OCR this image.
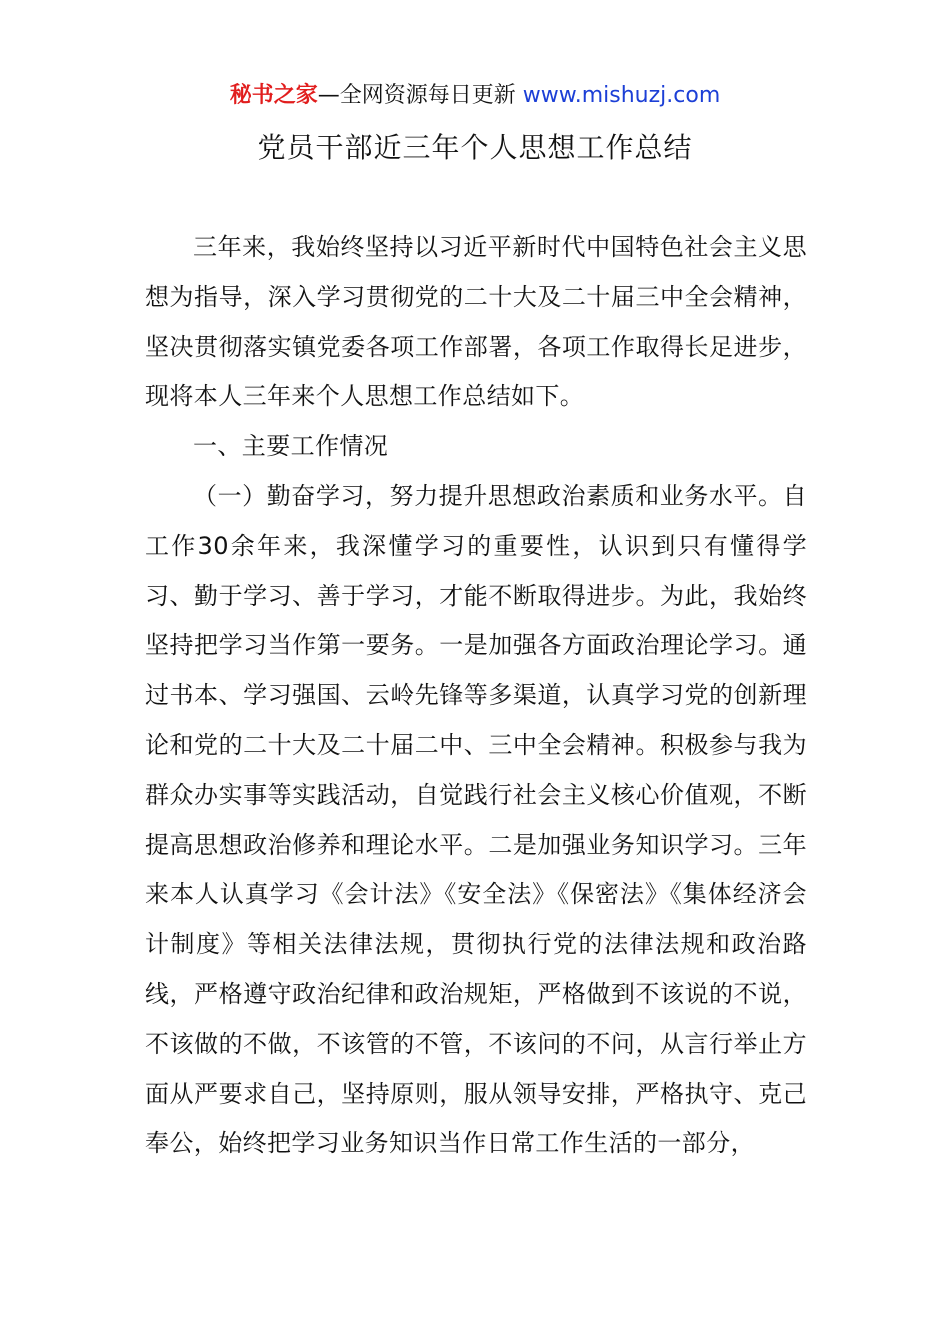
秘书之家—全网资源每日更新 www.mishuzj.com
党员干部近三年个人思想工作总结

三年来，我始终坚持以习近平新时代中国特色社会主义思想为指导，深入学习贯彻党的二十大及二十届三中全会精神，坚决贯彻落实镇党委各项工作部署，各项工作取得长足进步，现将本人三年来个人思想工作总结如下。

一、主要工作情况

（一）勤奋学习，努力提升思想政治素质和业务水平。自工作30余年来，我深懂学习的重要性，认识到只有懂得学习、勤于学习、善于学习，才能不断取得进步。为此，我始终坚持把学习当作第一要务。一是加强各方面政治理论学习。通过书本、学习强国、云岭先锋等多渠道，认真学习党的创新理论和党的二十大及二十届二中、三中全会精神。积极参与我为群众办实事等实践活动，自觉践行社会主义核心价值观，不断提高思想政治修养和理论水平。二是加强业务知识学习。三年来本人认真学习《会计法》《安全法》《保密法》《集体经济会计制度》等相关法律法规，贯彻执行党的法律法规和政治路线，严格遵守政治纪律和政治规矩，严格做到不该说的不说，不该做的不做，不该管的不管，不该问的不问，从言行举止方面从严要求自己，坚持原则，服从领导安排，严格执守、克己奉公，始终把学习业务知识当作日常工作生活的一部分，
